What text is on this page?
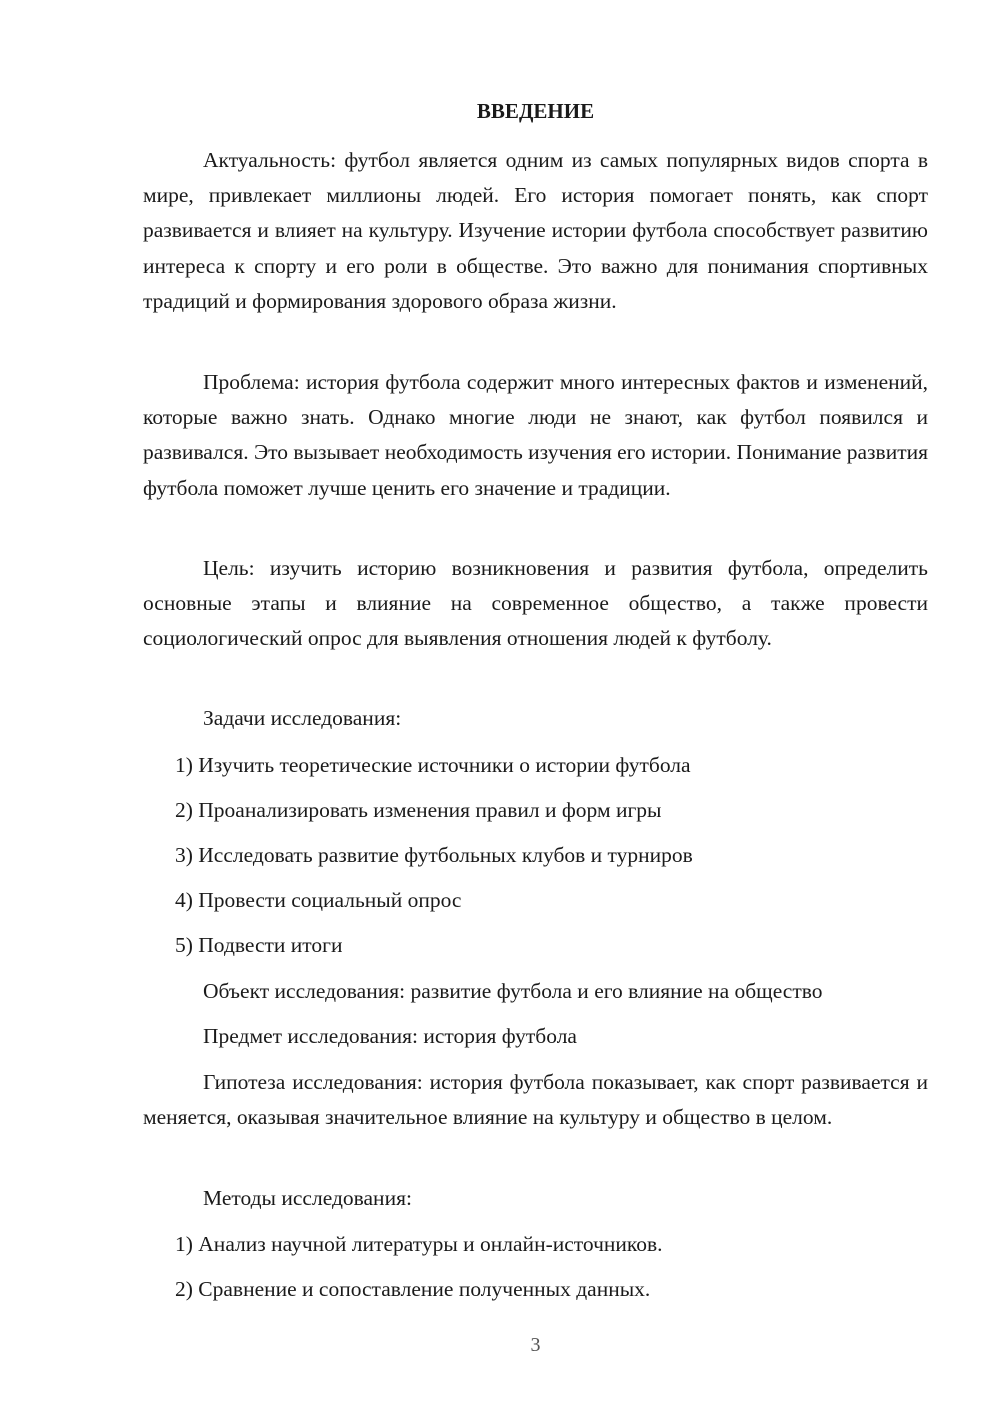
ВВЕДЕНИЕ

Актуальность: футбол является одним из самых популярных видов спорта в мире, привлекает миллионы людей. Его история помогает понять, как спорт развивается и влияет на культуру. Изучение истории футбола способствует развитию интереса к спорту и его роли в обществе. Это важно для понимания спортивных традиций и формирования здорового образа жизни.

Проблема: история футбола содержит много интересных фактов и изменений, которые важно знать. Однако многие люди не знают, как футбол появился и развивался. Это вызывает необходимость изучения его истории. Понимание развития футбола поможет лучше ценить его значение и традиции.

Цель: изучить историю возникновения и развития футбола, определить основные этапы и влияние на современное общество, а также провести социологический опрос для выявления отношения людей к футболу.

Задачи исследования:
1) Изучить теоретические источники о истории футбола
2) Проанализировать изменения правил и форм игры
3) Исследовать развитие футбольных клубов и турниров
4) Провести социальный опрос
5) Подвести итоги
Объект исследования: развитие футбола и его влияние на общество
Предмет исследования: история футбола

Гипотеза исследования: история футбола показывает, как спорт развивается и меняется, оказывая значительное влияние на культуру и общество в целом.

Методы исследования:
1) Анализ научной литературы и онлайн-источников.
2) Сравнение и сопоставление полученных данных.
3
